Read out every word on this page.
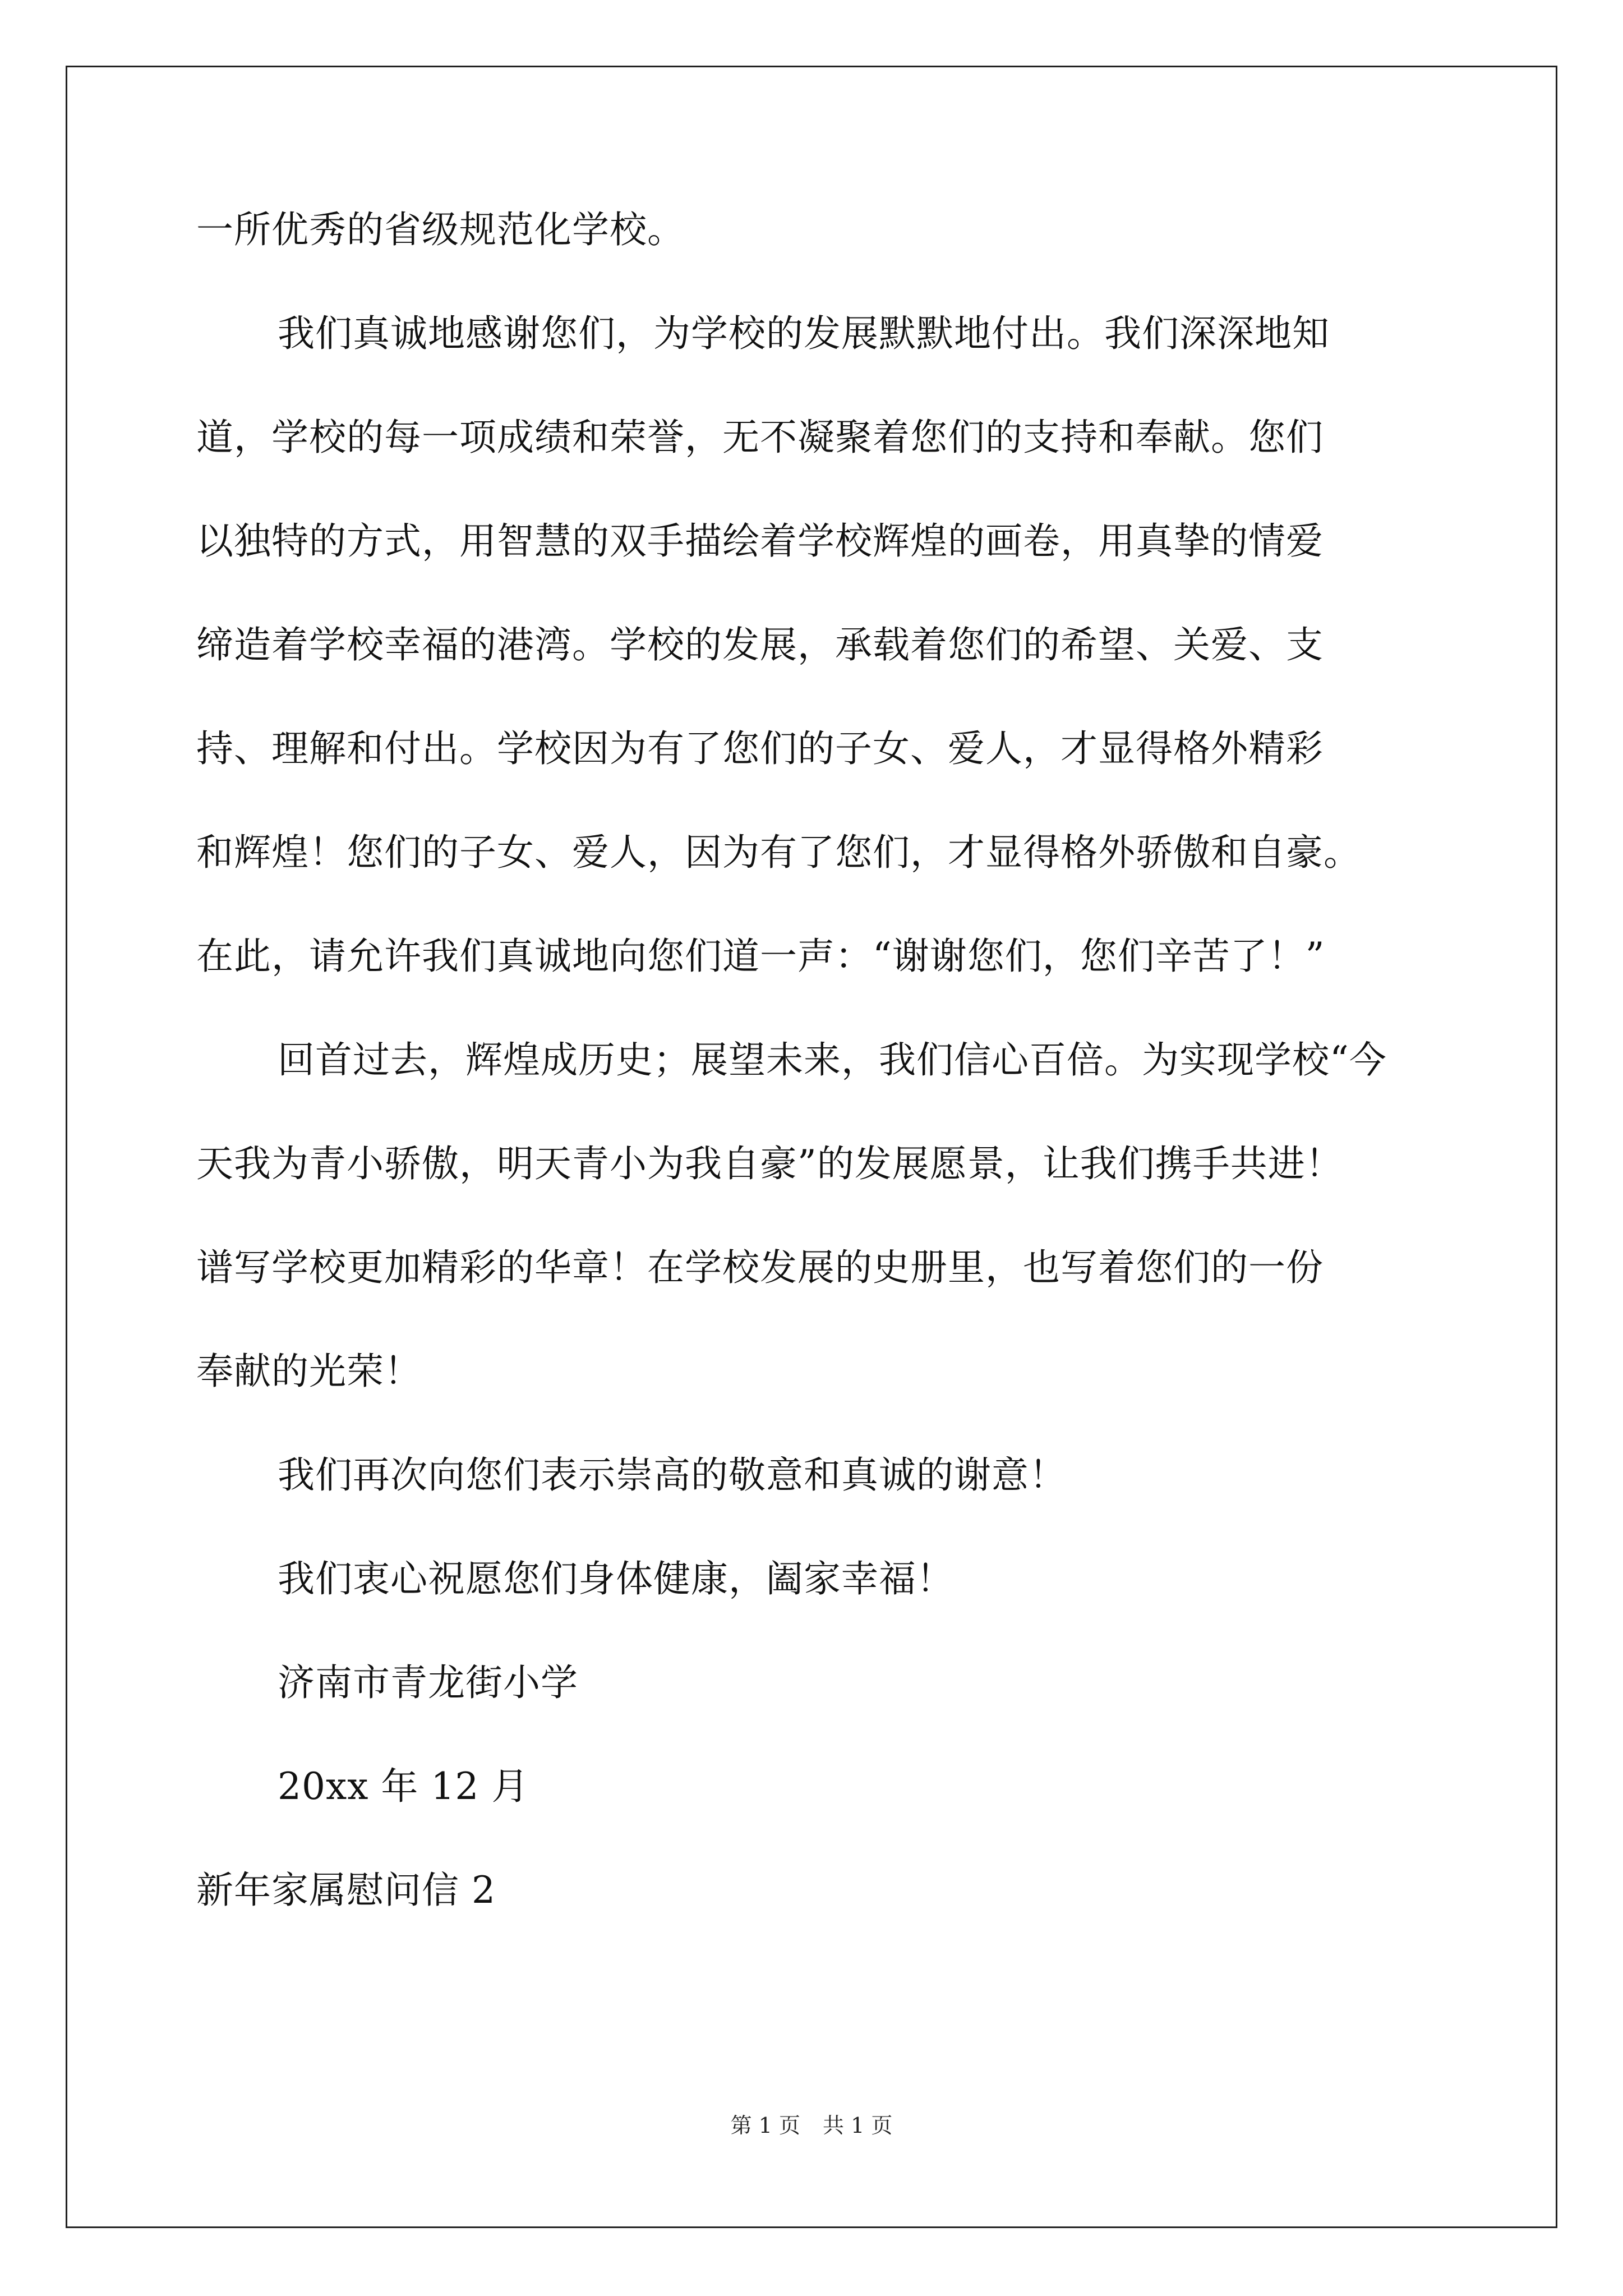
一所优秀的省级规范化学校。
我们真诚地感谢您们，为学校的发展默默地付出。我们深深地知
道，学校的每一项成绩和荣誉，无不凝聚着您们的支持和奉献。您们
以独特的方式，用智慧的双手描绘着学校辉煌的画卷，用真挚的情爱
缔造着学校幸福的港湾。学校的发展，承载着您们的希望、关爱、支
持、理解和付出。学校因为有了您们的子女、爱人，才显得格外精彩
和辉煌！您们的子女、爱人，因为有了您们，才显得格外骄傲和自豪。
在此，请允许我们真诚地向您们道一声：“谢谢您们，您们辛苦了！”
回首过去，辉煌成历史；展望未来，我们信心百倍。为实现学校“今
天我为青小骄傲，明天青小为我自豪”的发展愿景，让我们携手共进！
谱写学校更加精彩的华章！在学校发展的史册里，也写着您们的一份
奉献的光荣！
我们再次向您们表示崇高的敬意和真诚的谢意！
我们衷心祝愿您们身体健康，阖家幸福！
济南市青龙街小学
20xx 年 12 月
新年家属慰问信 2
第 1 页 共 1 页
